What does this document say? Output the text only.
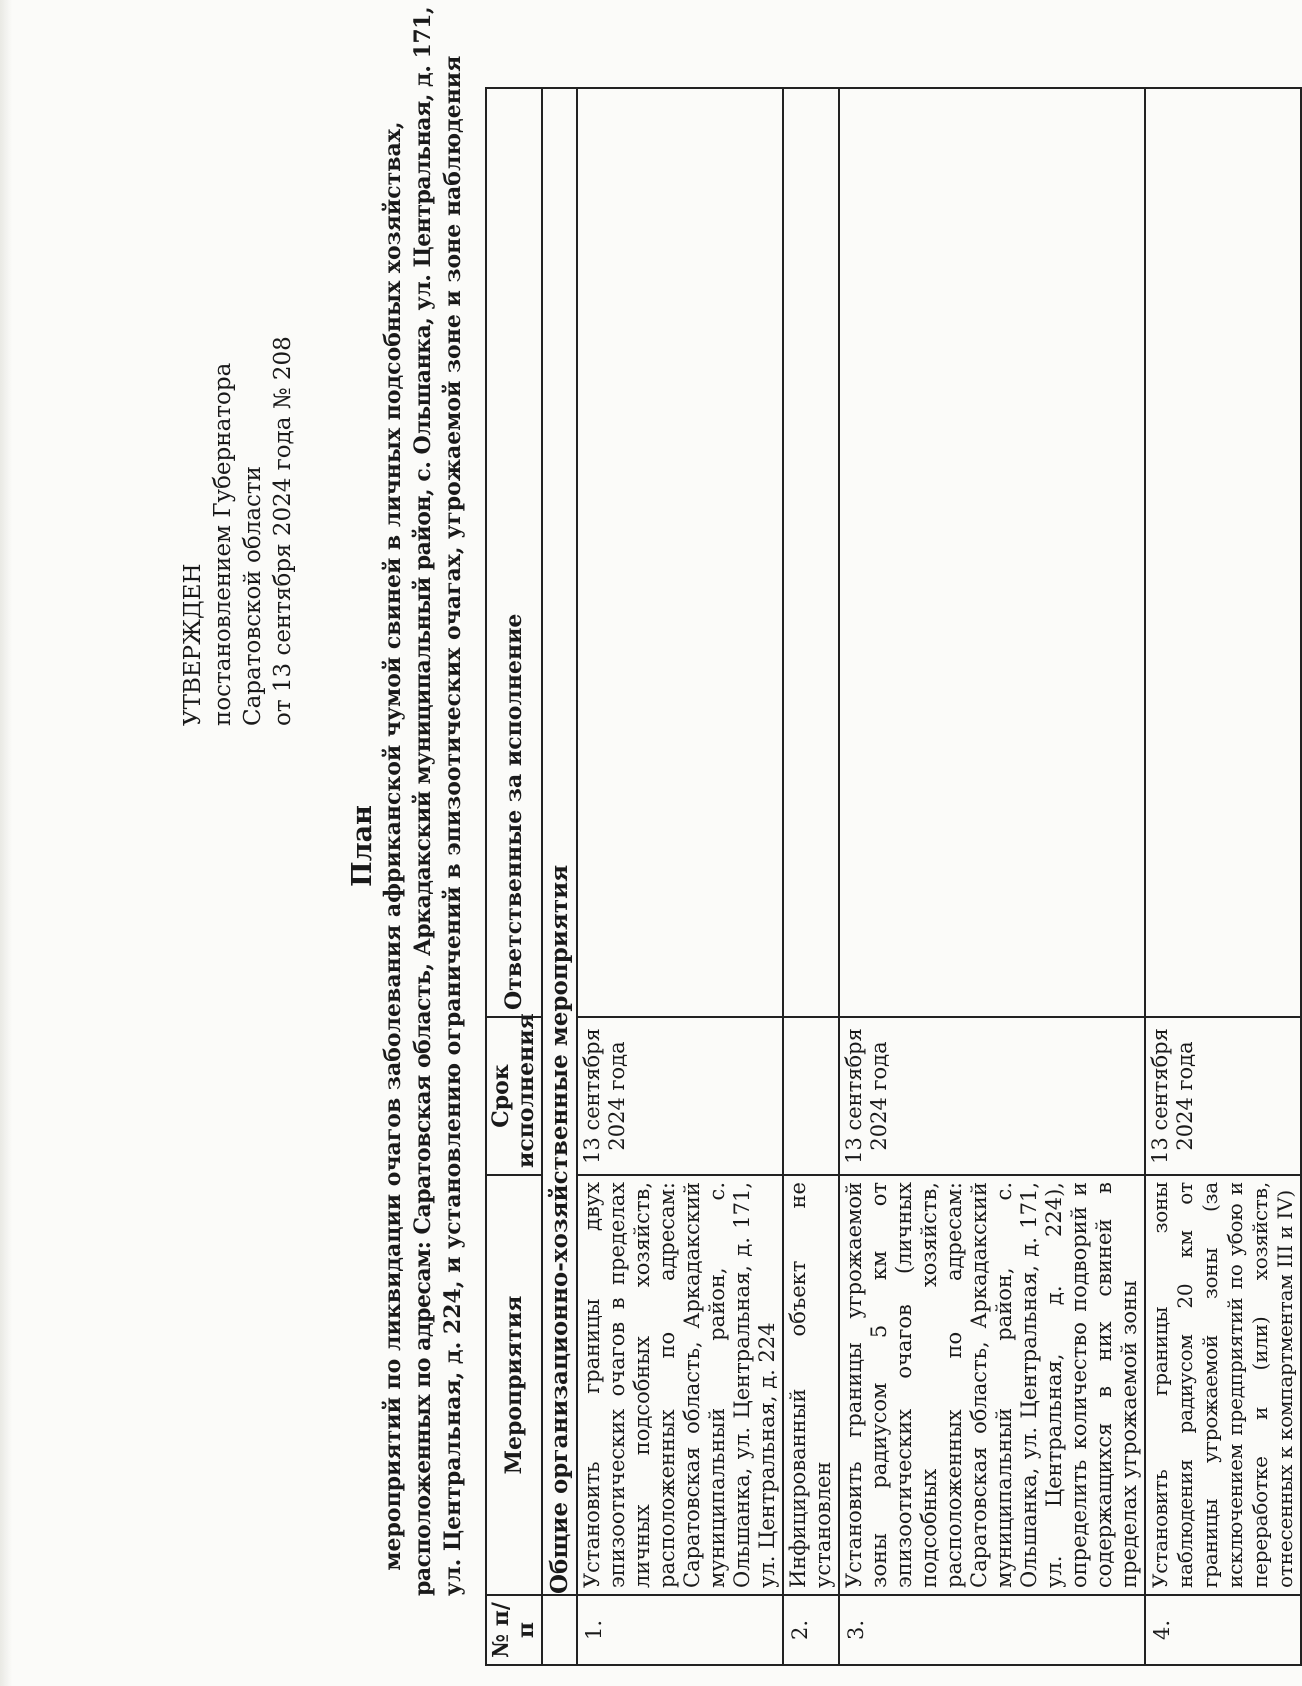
УТВЕРЖДЕН постановлением Губернатора Саратовской области от 13 сентября 2024 года № 208
План мероприятий по ликвидации очагов заболевания африканской чумой свиней в личных подсобных хозяйствах, расположенных по адресам: Саратовская область, Аркадакский муниципальный район, с. Ольшанка, ул. Центральная, д. 171, ул. Центральная, д. 224, и установлению ограничений в эпизоотических очагах, угрожаемой зоне и зоне наблюдения
№ п/п	Мероприятия	Срок исполнения	Ответственные за исполнение
	Общие организационно-хозяйственные мероприятия		
1.	Установить границы двух эпизоотических очагов в пределах личных подсобных хозяйств, расположенных по адресам: Саратовская область, Аркадакский муниципальный район, с. Ольшанка, ул. Центральная, д. 171, ул. Центральная, д. 224	13 сентября 2024 года	
2.	Инфицированный объект не установлен		
3.	Установить границы угрожаемой зоны радиусом 5 км от эпизоотических очагов (личных подсобных хозяйств, расположенных по адресам: Саратовская область, Аркадакский муниципальный район, с. Ольшанка, ул. Центральная, д. 171, ул. Центральная, д. 224), определить количество подворий и содержащихся в них свиней в пределах угрожаемой зоны	13 сентября 2024 года	
4.	Установить границы зоны наблюдения радиусом 20 км от границы угрожаемой зоны (за исключением предприятий по убою и переработке и (или) хозяйств, отнесенных к компартментам III и IV)	13 сентября 2024 года	
